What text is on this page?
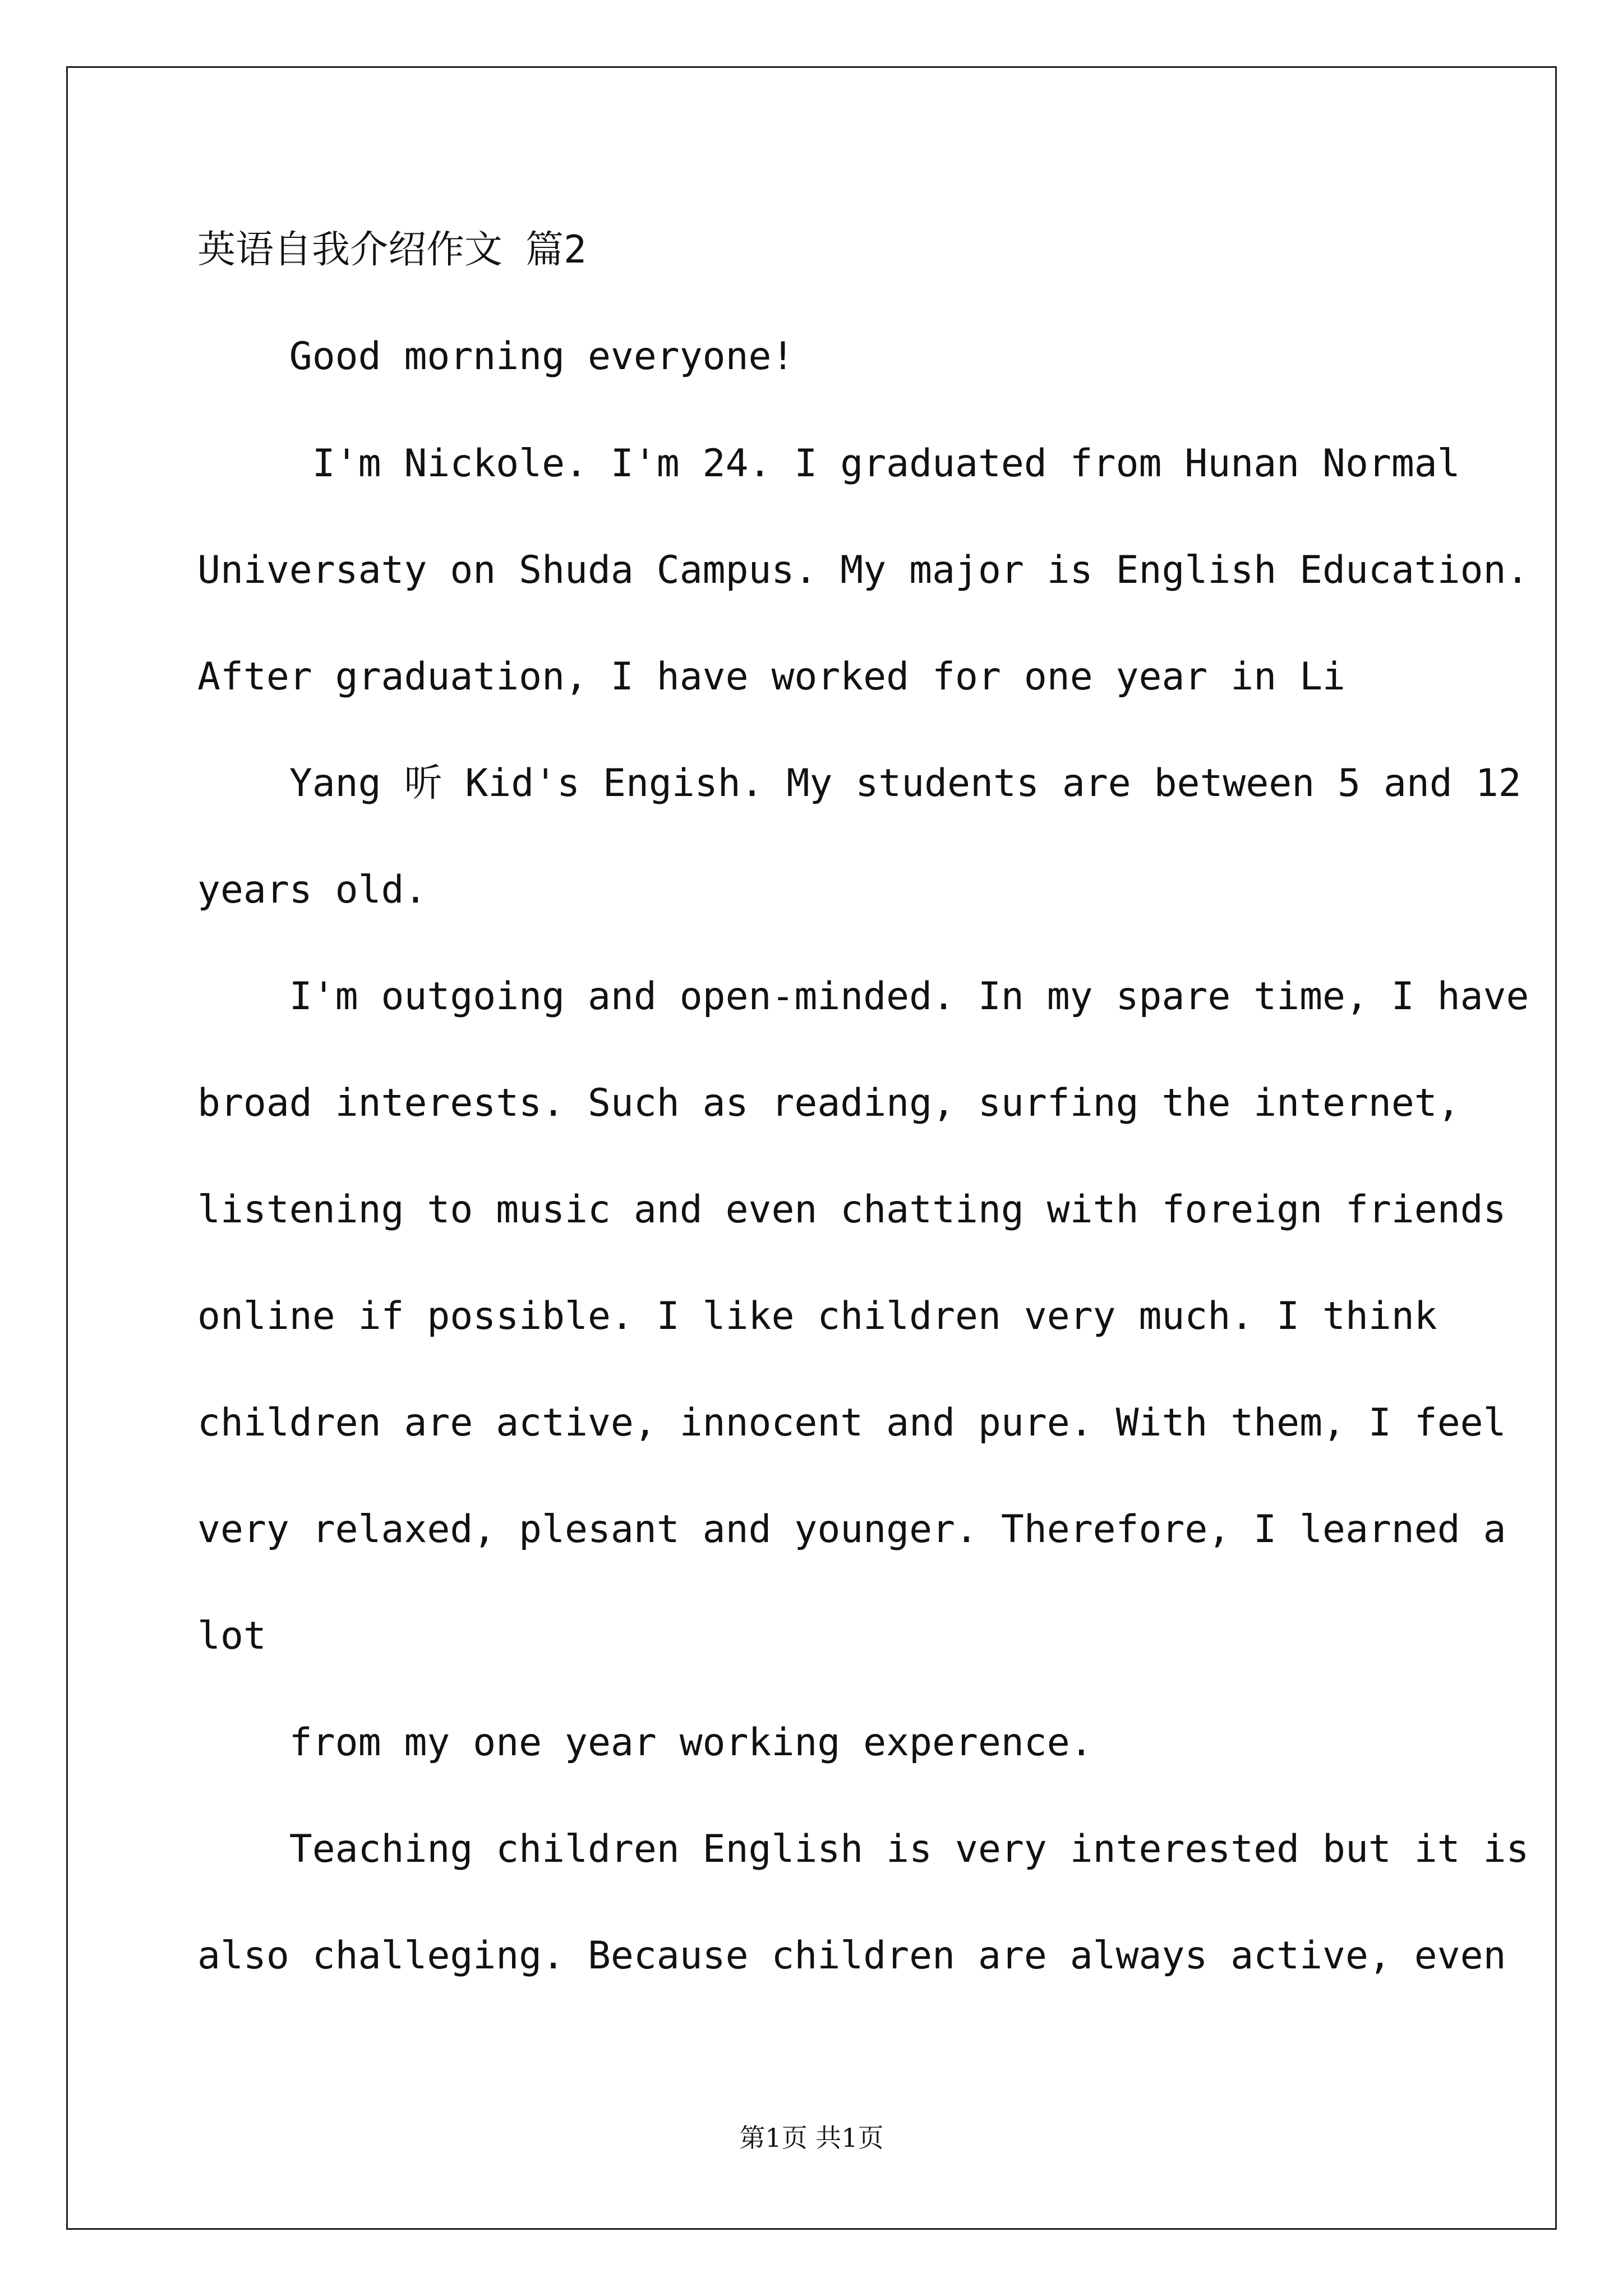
英语自我介绍作文 篇2
Good morning everyone!
I'm Nickole. I'm 24. I graduated from Hunan Normal
Universaty on Shuda Campus. My major is English Education.
After graduation, I have worked for one year in Li
Yang 听 Kid's Engish. My students are between 5 and 12
years old.
I'm outgoing and open-minded. In my spare time, I have
broad interests. Such as reading, surfing the internet,
listening to music and even chatting with foreign friends
online if possible. I like children very much. I think
children are active, innocent and pure. With them, I feel
very relaxed, plesant and younger. Therefore, I learned a
lot
from my one year working experence.
Teaching children English is very interested but it is
also challeging. Because children are always active, even
第1页 共1页
